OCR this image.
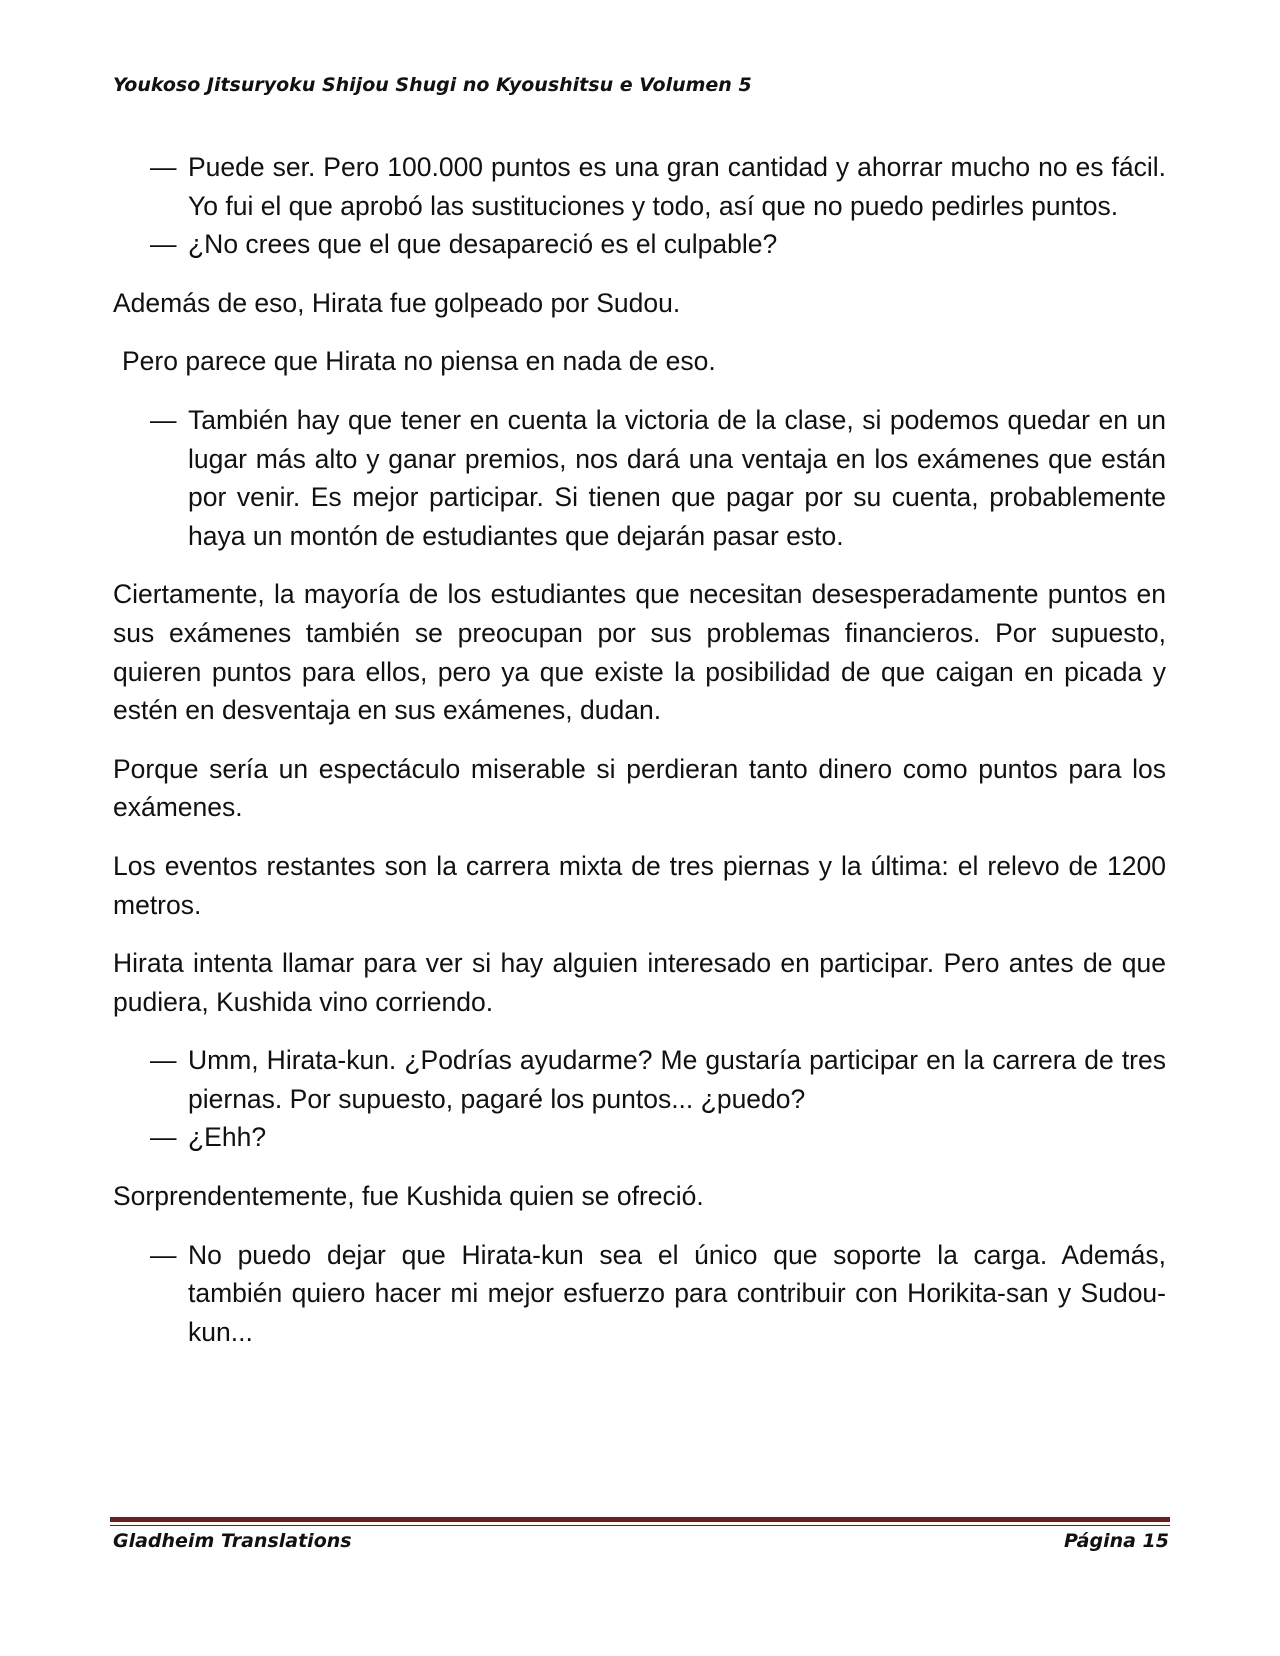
Youkoso Jitsuryoku Shijou Shugi no Kyoushitsu e Volumen 5

— Puede ser. Pero 100.000 puntos es una gran cantidad y ahorrar mucho no es fácil. Yo fui el que aprobó las sustituciones y todo, así que no puedo pedirles puntos.

— ¿No crees que el que desapareció es el culpable?

Además de eso, Hirata fue golpeado por Sudou.

Pero parece que Hirata no piensa en nada de eso.

— También hay que tener en cuenta la victoria de la clase, si podemos quedar en un lugar más alto y ganar premios, nos dará una ventaja en los exámenes que están por venir. Es mejor participar. Si tienen que pagar por su cuenta, probablemente haya un montón de estudiantes que dejarán pasar esto.

Ciertamente, la mayoría de los estudiantes que necesitan desesperadamente puntos en sus exámenes también se preocupan por sus problemas financieros. Por supuesto, quieren puntos para ellos, pero ya que existe la posibilidad de que caigan en picada y estén en desventaja en sus exámenes, dudan.

Porque sería un espectáculo miserable si perdieran tanto dinero como puntos para los exámenes.

Los eventos restantes son la carrera mixta de tres piernas y la última: el relevo de 1200 metros.

Hirata intenta llamar para ver si hay alguien interesado en participar. Pero antes de que pudiera, Kushida vino corriendo.

— Umm, Hirata-kun. ¿Podrías ayudarme? Me gustaría participar en la carrera de tres piernas. Por supuesto, pagaré los puntos... ¿puedo?

— ¿Ehh?

Sorprendentemente, fue Kushida quien se ofreció.

— No puedo dejar que Hirata-kun sea el único que soporte la carga. Además, también quiero hacer mi mejor esfuerzo para contribuir con Horikita-san y Sudou-kun...

Gladheim Translations	Página 15
